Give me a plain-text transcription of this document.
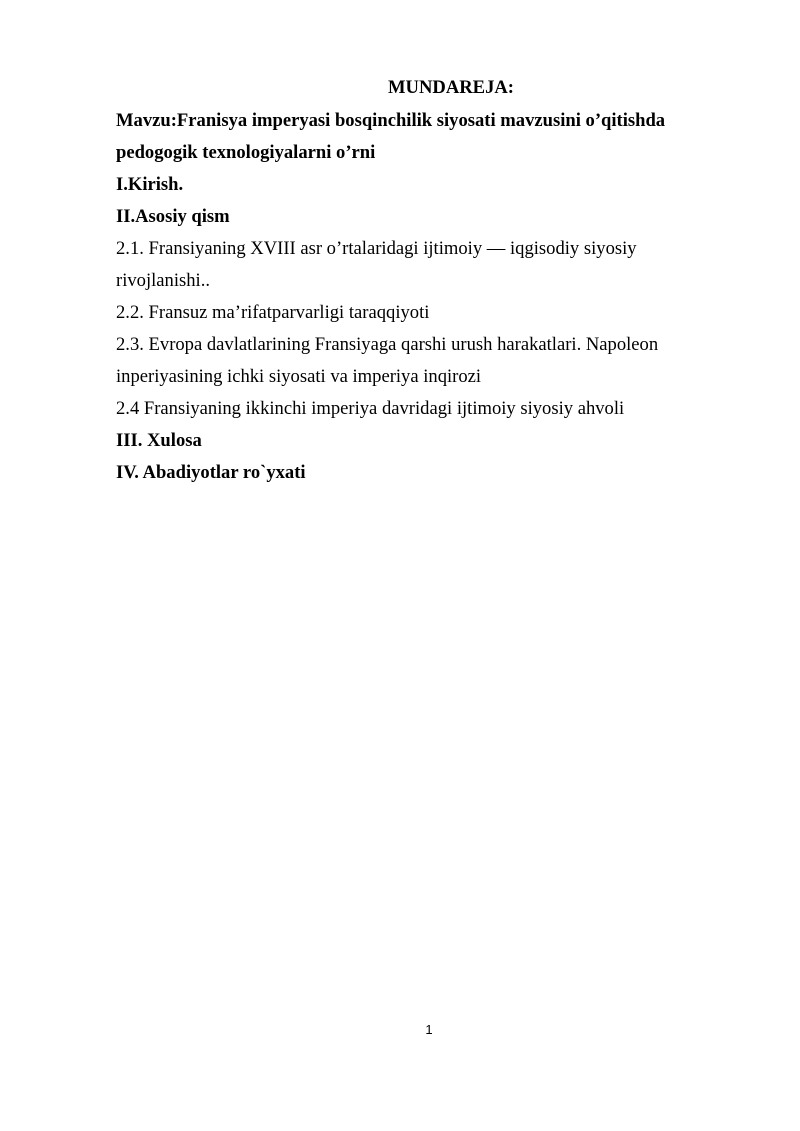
MUNDAREJA:

Mavzu:Franisya imperyasi bosqinchilik siyosati mavzusini o’qitishda pedogogik texnologiyalarni o’rni

I.Kirish.

II.Asosiy qism

2.1. Fransiyaning XVIII asr o’rtalaridagi ijtimoiy — iqgisodiy siyosiy rivojlanishi..

2.2. Fransuz ma’rifatparvarligi taraqqiyoti

2.3. Evropa davlatlarining Fransiyaga qarshi urush harakatlari. Napoleon inperiyasining ichki siyosati va imperiya inqirozi

2.4 Fransiyaning ikkinchi imperiya davridagi ijtimoiy siyosiy ahvoli

III. Xulosa

IV. Abadiyotlar ro`yxati

1
